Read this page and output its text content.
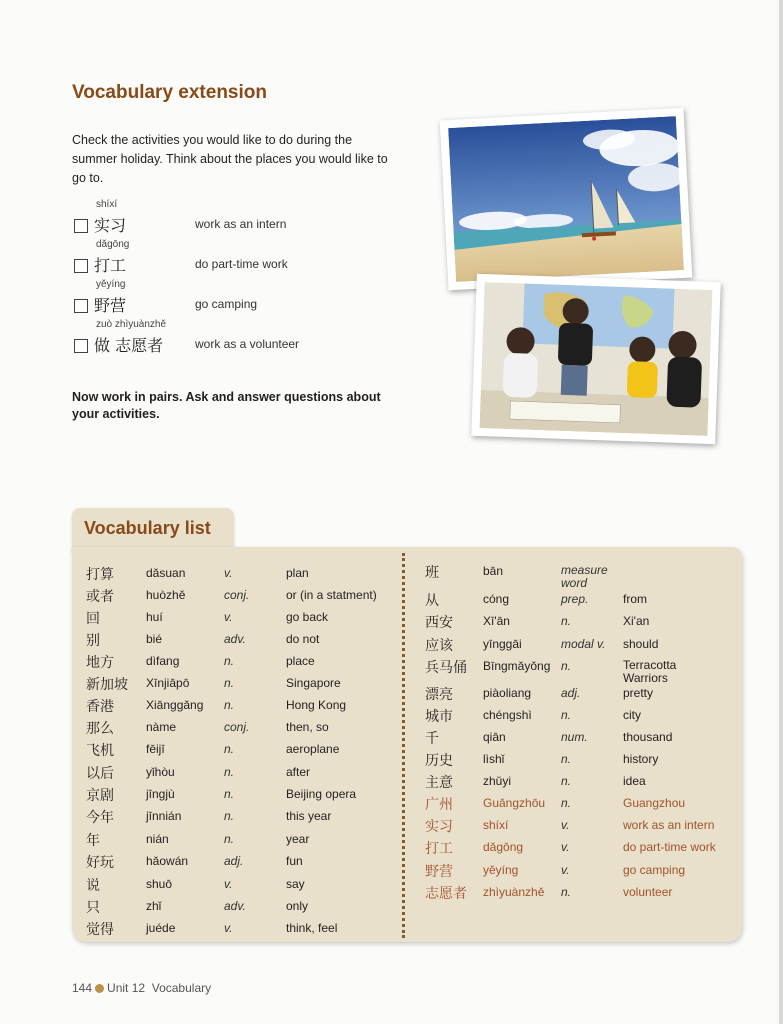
Vocabulary extension
Check the activities you would like to do during the summer holiday. Think about the places you would like to go to.
shíxí
实习	work as an intern
dǎgōng
打工	do part-time work
yěyíng
野营	go camping
zuò zhìyuànzhě
做 志愿者	work as a volunteer
Now work in pairs. Ask and answer questions about your activities.
Vocabulary list
打算	dǎsuan	v.	plan
或者	huòzhě	conj.	or (in a statment)
回	huí	v.	go back
别	bié	adv.	do not
地方	dìfang	n.	place
新加坡 Xīnjiāpō	n.	Singapore
香港	Xiānggǎng n.	Hong Kong
那么	nàme	conj.	then, so
飞机	fēijī	n.	aeroplane
以后	yǐhòu	n.	after
京剧	jīngjù	n.	Beijing opera
今年	jīnnián	n.	this year
年	nián	n.	year
好玩	hǎowán	adj.	fun
说	shuō	v.	say
只	zhǐ	adv.	only
觉得	juéde	v.	think, feel
班	bān	measure word
从	cóng	prep.	from
西安	Xī'ān	n.	Xi'an
应该	yīnggāi	modal v. should
兵马俑 Bīngmǎyǒng n.	Terracotta Warriors
漂亮	piàoliang adj.	pretty
城市	chéngshì n.	city
千	qiān	num.	thousand
历史	lìshǐ	n.	history
主意	zhǔyi	n.	idea
广州	Guǎngzhōu n.	Guangzhou
实习	shíxí	v.	work as an intern
打工	dǎgōng	v.	do part-time work
野营	yěyíng	v.	go camping
志愿者 zhìyuànzhě n.	volunteer
144 Unit 12 Vocabulary
